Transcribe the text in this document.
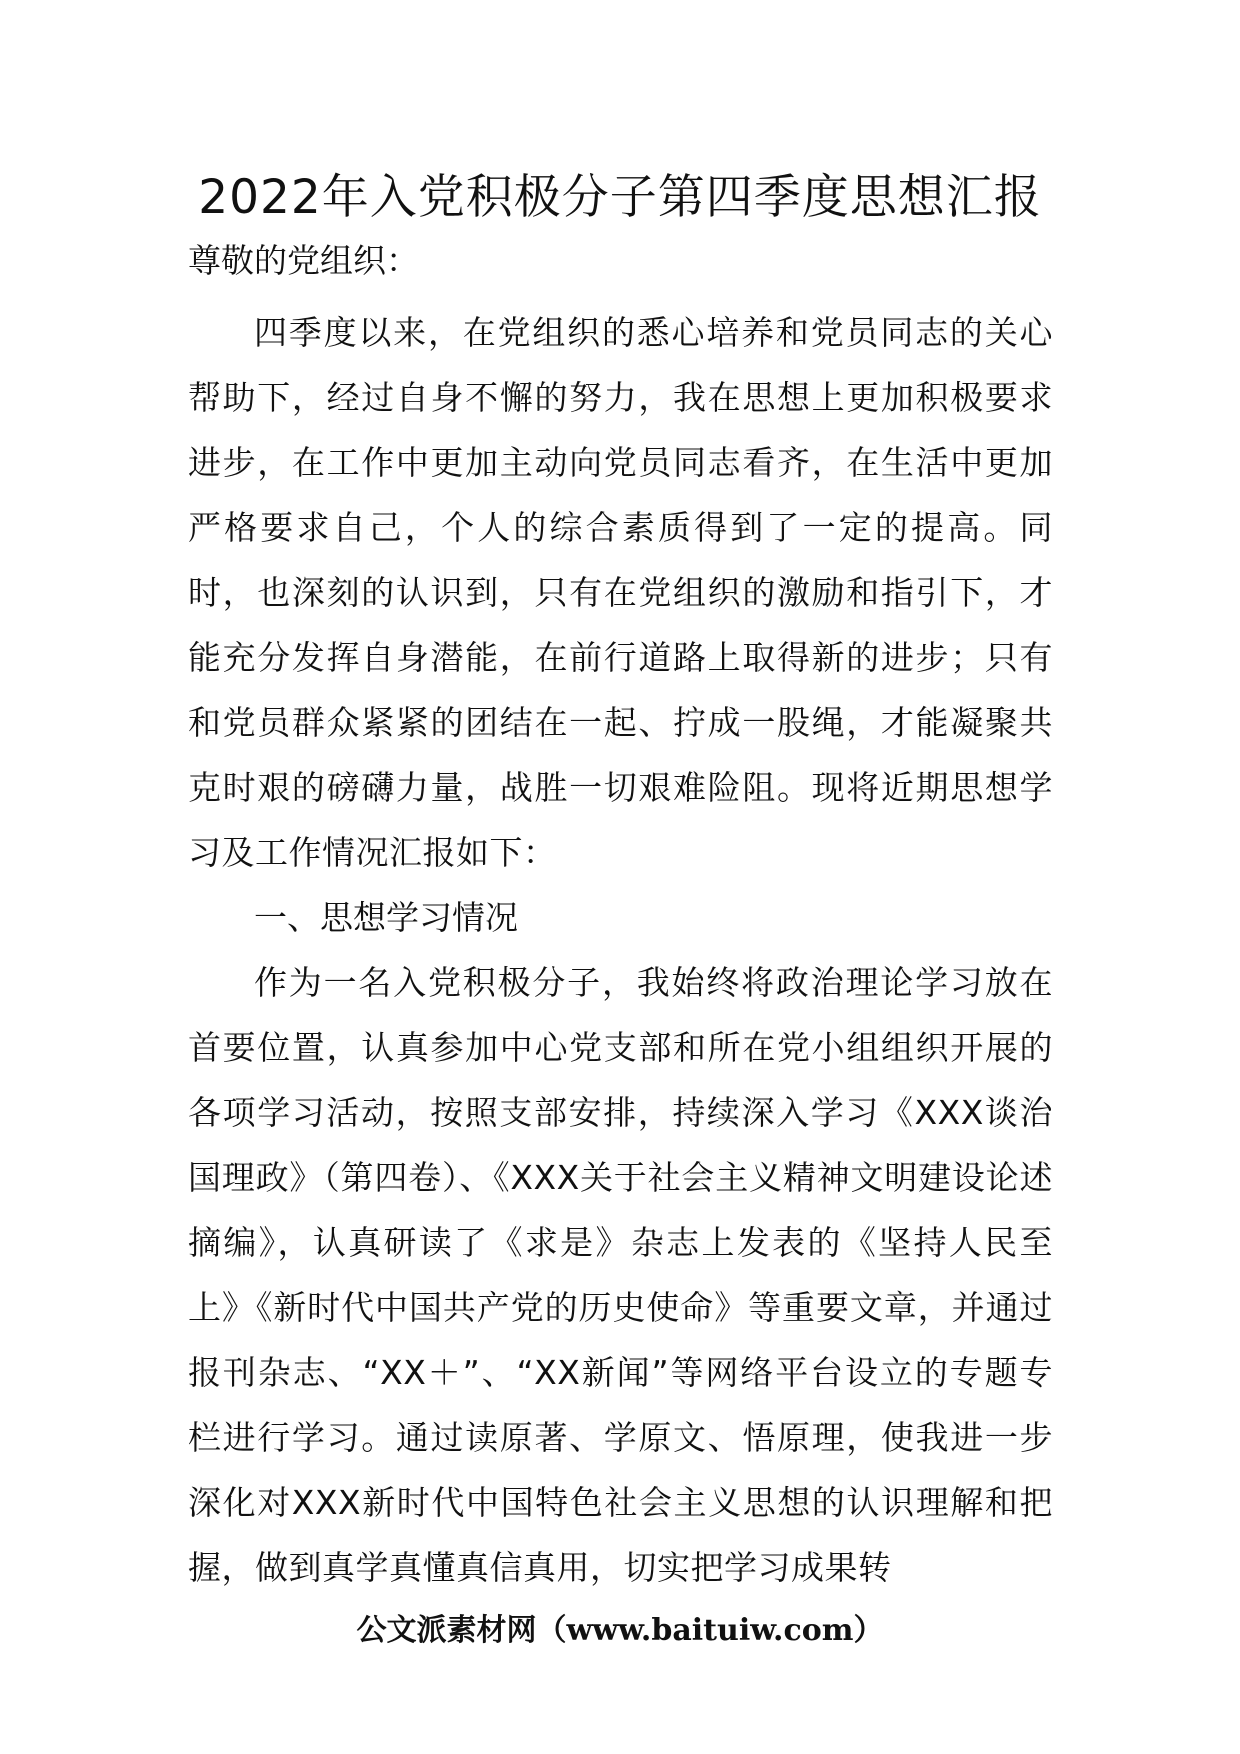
2022年入党积极分子第四季度思想汇报

尊敬的党组织：

四季度以来，在党组织的悉心培养和党员同志的关心帮助下，经过自身不懈的努力，我在思想上更加积极要求进步，在工作中更加主动向党员同志看齐，在生活中更加严格要求自己，个人的综合素质得到了一定的提高。同时，也深刻的认识到，只有在党组织的激励和指引下，才能充分发挥自身潜能，在前行道路上取得新的进步；只有和党员群众紧紧的团结在一起、拧成一股绳，才能凝聚共克时艰的磅礴力量，战胜一切艰难险阻。现将近期思想学习及工作情况汇报如下：

一、思想学习情况

作为一名入党积极分子，我始终将政治理论学习放在首要位置，认真参加中心党支部和所在党小组组织开展的各项学习活动，按照支部安排，持续深入学习《XXX谈治国理政》（第四卷）、《XXX关于社会主义精神文明建设论述摘编》，认真研读了《求是》杂志上发表的《坚持人民至上》《新时代中国共产党的历史使命》等重要文章，并通过报刊杂志、“XX＋”、“XX新闻”等网络平台设立的专题专栏进行学习。通过读原著、学原文、悟原理，使我进一步深化对XXX新时代中国特色社会主义思想的认识理解和把握，做到真学真懂真信真用，切实把学习成果转

公文派素材网（www.baituiw.com）
